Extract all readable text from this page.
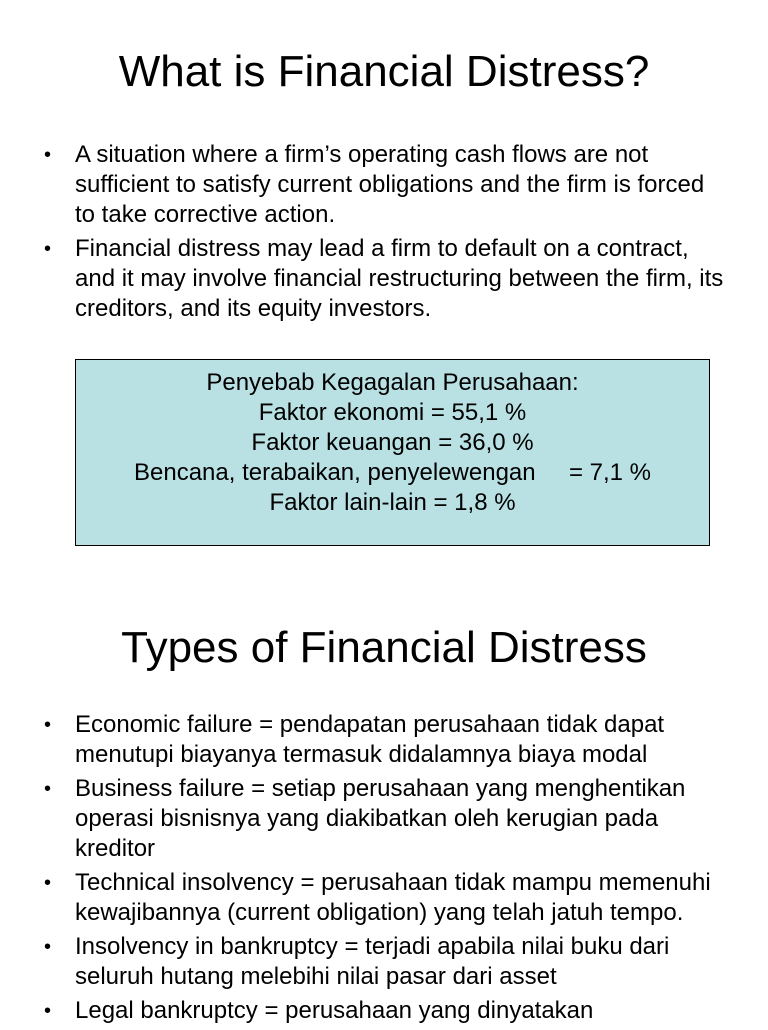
What is Financial Distress?
• A situation where a firm’s operating cash flows are not sufficient to satisfy current obligations and the firm is forced to take corrective action.
• Financial distress may lead a firm to default on a contract, and it may involve financial restructuring between the firm, its creditors, and its equity investors.
Penyebab Kegagalan Perusahaan:
Faktor ekonomi = 55,1 %
Faktor keuangan = 36,0 %
Bencana, terabaikan, penyelewengan     = 7,1 %
Faktor lain-lain = 1,8 %
Types of Financial Distress
• Economic failure = pendapatan perusahaan tidak dapat menutupi biayanya termasuk didalamnya biaya modal
• Business failure = setiap perusahaan yang menghentikan operasi bisnisnya yang diakibatkan oleh kerugian pada kreditor
• Technical insolvency = perusahaan tidak mampu memenuhi kewajibannya (current obligation) yang telah jatuh tempo.
• Insolvency in bankruptcy = terjadi apabila nilai buku dari seluruh hutang melebihi nilai pasar dari asset
• Legal bankruptcy = perusahaan yang dinyatakan
